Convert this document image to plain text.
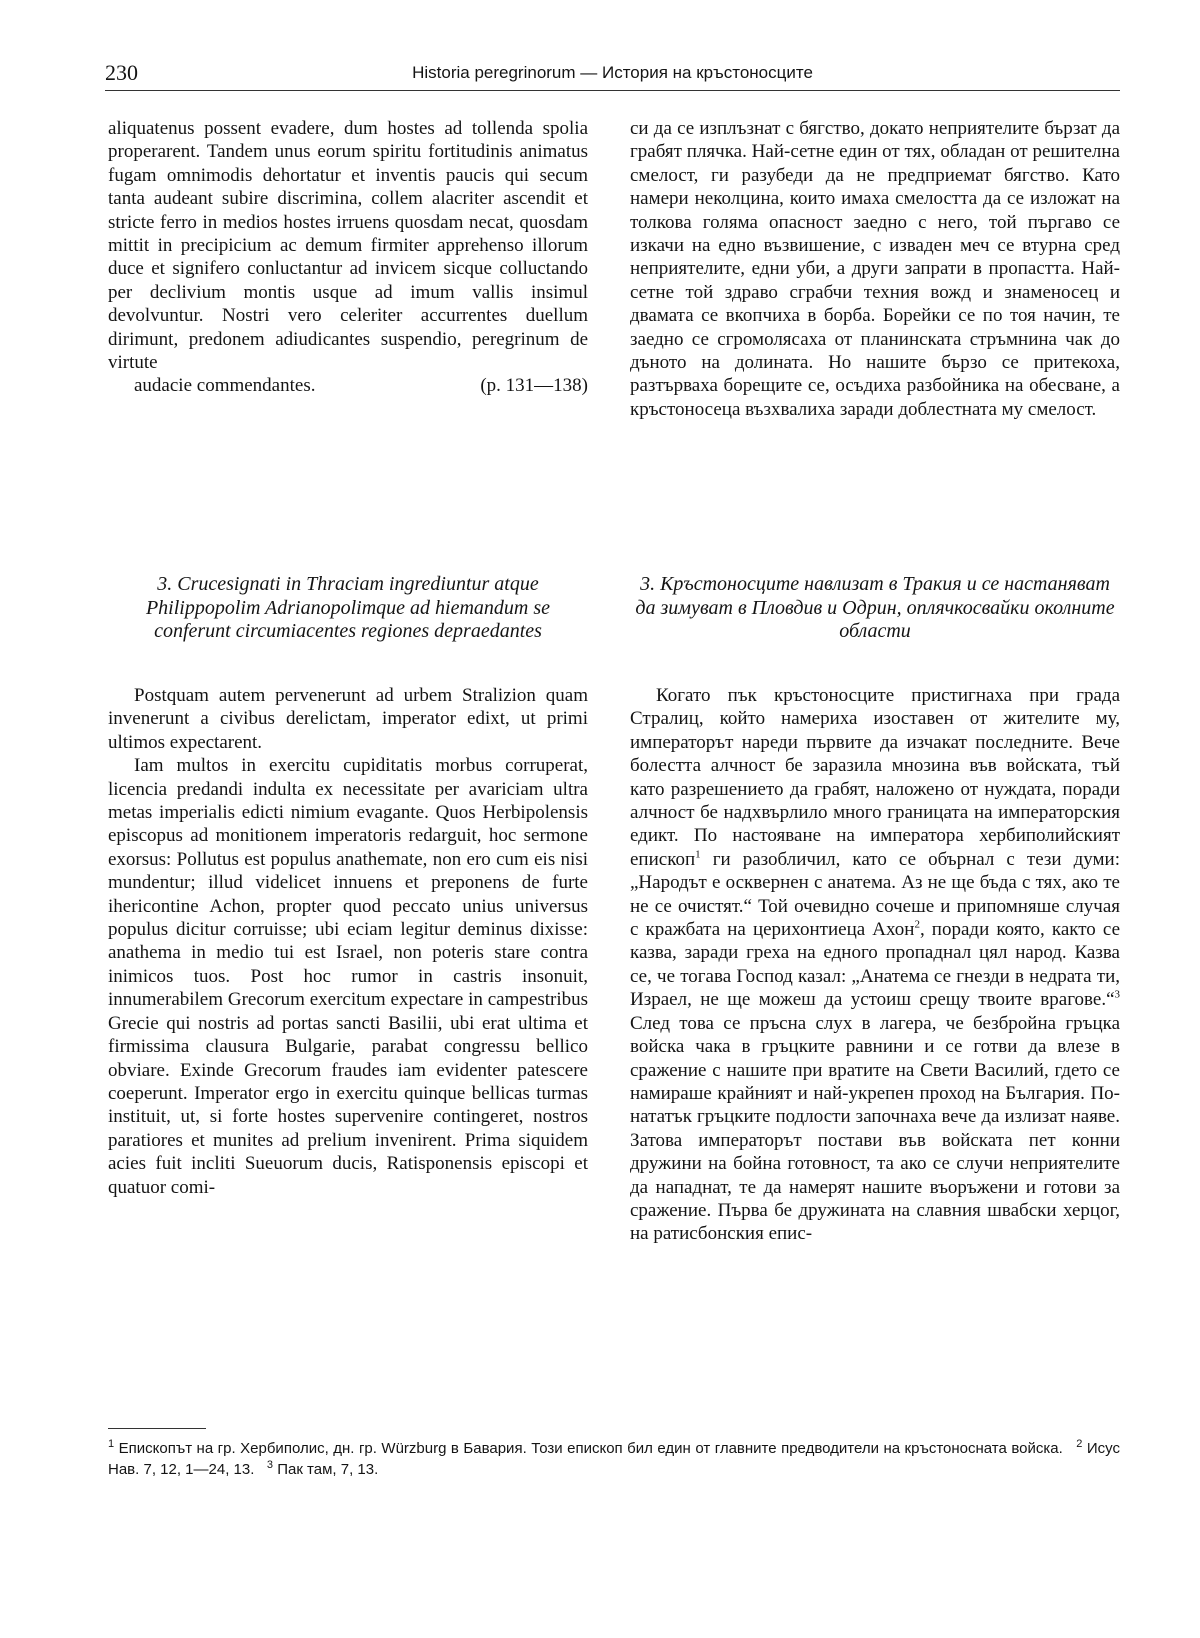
230	Historia peregrinorum — История на кръстоносците

aliquatenus possent evadere, dum hostes ad tollenda spolia properarent. Tandem unus eorum spiritu fortitudinis animatus fugam omnimodis dehortatur et inventis paucis qui secum tanta audeant subire discrimina, collem alacriter ascendit et stricte ferro in medios hostes irruens quosdam necat, quosdam mittit in precipicium ac demum firmiter apprehenso illorum duce et signifero conluctantur ad invicem sicque colluctando per declivium montis usque ad imum vallis insimul devolvuntur. Nostri vero celeriter accurrentes duellum dirimunt, predonem adiudicantes suspendio, peregrinum de virtute

audacie commendantes.	(p. 131—138)

си да се изплъзнат с бягство, докато неприятелите бързат да грабят плячка. Най-сетне един от тях, обладан от решителна смелост, ги разубеди да не предприемат бягство. Като намери неколцина, които имаха смелостта да се изложат на толкова голяма опасност заедно с него, той пъргаво се изкачи на едно възвишение, с изваден меч се втурна сред неприятелите, едни уби, а други запрати в пропастта. Най-сетне той здраво сграбчи техния вожд и знаменосец и двамата се вкопчиха в борба. Борейки се по тоя начин, те заедно се сгромолясаха от планинската стръмнина чак до дъното на долината. Но нашите бързо се притекоха, разтърваха борещите се, осъдиха разбойника на обесване, а кръстоносеца възхвалиха заради доблестната му смелост.

3. Crucesignati in Thraciam ingrediuntur atque Philippopolim Adrianopolimque ad hiemandum se conferunt circumiacentes regiones depraedantes
3. Кръстоносците навлизат в Тракия и се настаняват да зимуват в Пловдив и Одрин, оплячкосвайки околните области

Postquam autem pervenerunt ad urbem Stralizion quam invenerunt a civibus derelictam, imperator edixt, ut primi ultimos expectarent.

Iam multos in exercitu cupiditatis morbus corruperat, licencia predandi indulta ex necessitate per avariciam ultra metas imperialis edicti nimium evagante. Quos Herbipolensis episcopus ad monitionem imperatoris redarguit, hoc sermone exorsus: Pollutus est populus anathemate, non ero cum eis nisi mundentur; illud videlicet innuens et preponens de furte ihericontine Achon, propter quod peccato unius universus populus dicitur corruisse; ubi eciam legitur deminus dixisse: anathema in medio tui est Israel, non poteris stare contra inimicos tuos. Post hoc rumor in castris insonuit, innumerabilem Grecorum exercitum expectare in campestribus Grecie qui nostris ad portas sancti Basilii, ubi erat ultima et firmissima clausura Bulgarie, parabat congressu bellico obviare. Exinde Grecorum fraudes iam evidenter patescere coeperunt. Imperator ergo in exercitu quinque bellicas turmas instituit, ut, si forte hostes supervenire contingeret, nostros paratiores et munites ad prelium invenirent. Prima siquidem acies fuit incliti Sueuorum ducis, Ratisponensis episcopi et quatuor comi-

Когато пък кръстоносците пристигнаха при града Стралиц, който намериха изоставен от жителите му, императорът нареди първите да изчакат последните. Вече болестта алчност бе заразила мнозина във войската, тъй като разрешението да грабят, наложено от нуждата, поради алчност бе надхвърлило много границата на императорския едикт. По настояване на императора хербиполийският епископ$^1$ ги разобличил, като се обърнал с тези думи: „Народът е осквернен с анатема. Аз не ще бъда с тях, ако те не се очистят.“ Той очевидно сочеше и припомняше случая с кражбата на церихонтиеца Ахон$^2$, поради която, както се казва, заради греха на едного пропаднал цял народ. Казва се, че тогава Господ казал: „Анатема се гнезди в недрата ти, Израел, не ще можеш да устоиш срещу твоите врагове.“$^3$ След това се пръсна слух в лагера, че безбройна гръцка войска чака в гръцките равнини и се готви да влезе в сражение с нашите при вратите на Свети Василий, гдето се намираше крайният и най-укрепен проход на България. По-нататък гръцките подлости започнаха вече да излизат наяве. Затова императорът постави във войската пет конни дружини на бойна готовност, та ако се случи неприятелите да нападнат, те да намерят нашите въоръжени и готови за сражение. Първа бе дружината на славния швабски херцог, на ратисбонския епис-

$^1$ Епископът на гр. Хербиполис, дн. гр. Würzburg в Бавария. Този епископ бил един от главните предводители на кръстоносната войска. $^2$ Исус Нав. 7, 12, 1—24, 13. $^3$ Пак там, 7, 13.
